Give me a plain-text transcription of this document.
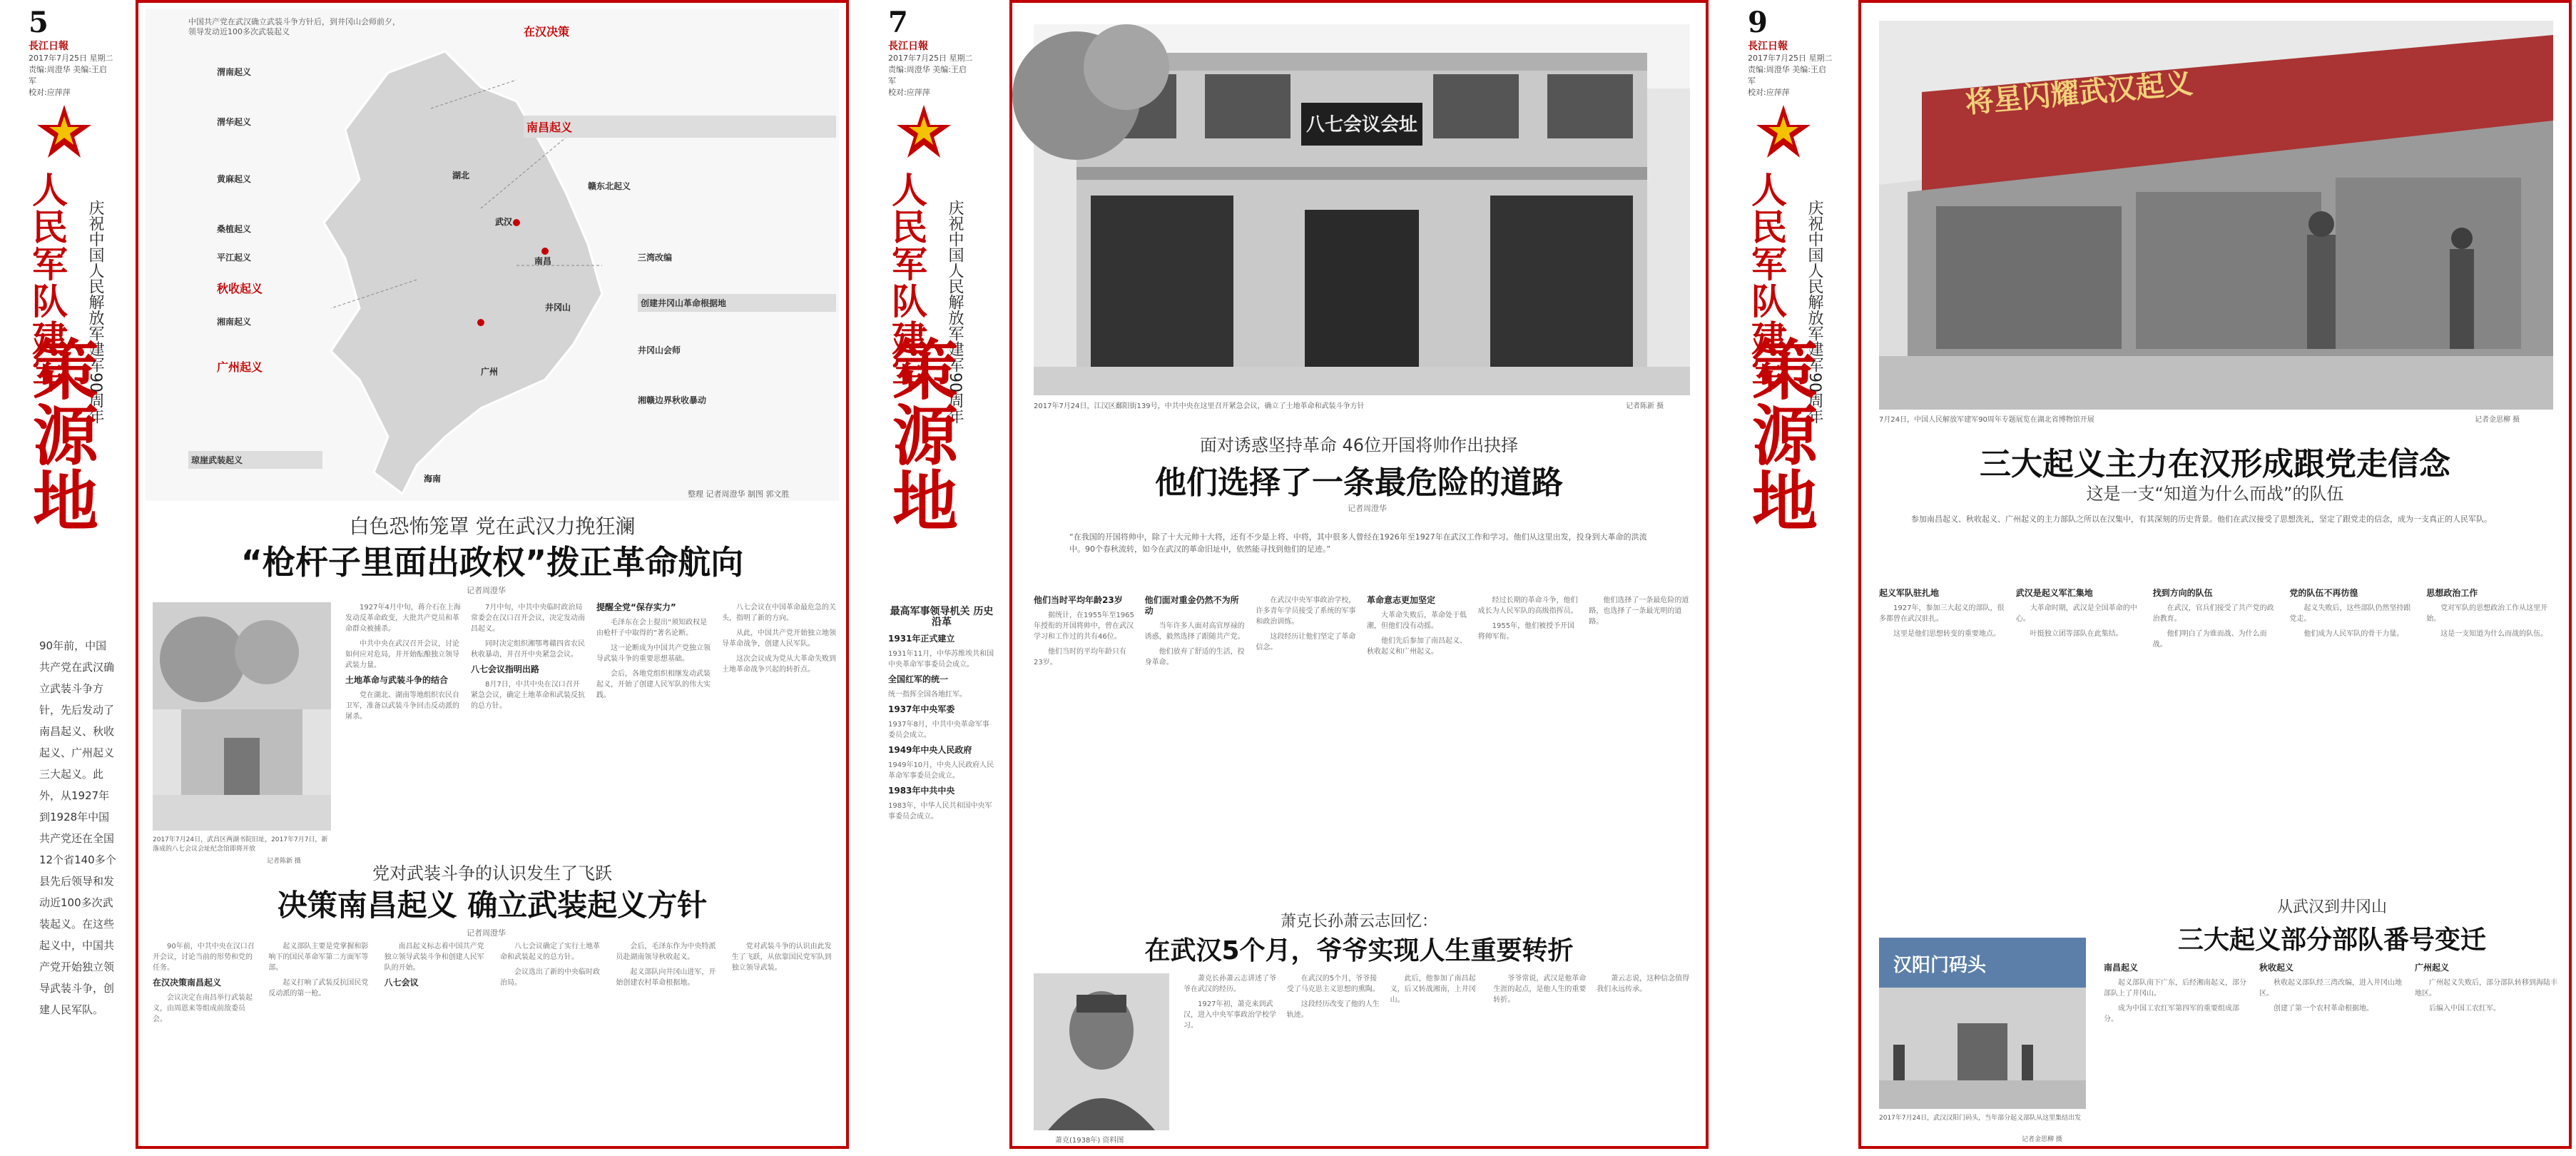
5
長江日報
2017年7月25日 星期二
责编:周澄华 美编:王启军
校对:应萍萍
人民军队建军 庆祝中国人民解放军建军90周年
策源地
90年前，中国共产党在武汉确立武装斗争方针，先后发动了南昌起义、秋收起义、广州起义三大起义。此外，从1927年到1928年中国共产党还在全国12个省140多个县先后领导和发动近100多次武装起义。在这些起义中，中国共产党开始独立领导武装斗争，创建人民军队。
中国共产党在武汉确立武装斗争方针后，到井冈山会师前夕，领导发动近100多次武装起义
湖北
武汉
南昌
井冈山
广州
海南
渭南起义
渭华起义
黄麻起义
桑植起义
平江起义
秋收起义
湘南起义
广州起义
琼崖武装起义
在汉决策
南昌起义
赣东北起义
三湾改编
创建井冈山革命根据地
井冈山会师
湘赣边界秋收暴动
整理 记者周澄华 制图 郭文胜
白色恐怖笼罩 党在武汉力挽狂澜
“枪杆子里面出政权”拨正革命航向
记者周澄华
2017年7月24日，武昌区两湖书院旧址，2017年7月7日，新落成的八七会议会址纪念馆即将开放
记者陈新 摄

1927年4月中旬，蒋介石在上海发动反革命政变，大批共产党员和革命群众被捕杀。

中共中央在武汉召开会议，讨论如何应对危局，并开始酝酿独立领导武装力量。

土地革命与武装斗争的结合

党在湖北、湖南等地组织农民自卫军，准备以武装斗争回击反动派的屠杀。

7月中旬，中共中央临时政治局常委会在汉口召开会议，决定发动南昌起义。

同时决定组织湘鄂粤赣四省农民秋收暴动，并召开中央紧急会议。

八七会议指明出路

8月7日，中共中央在汉口召开紧急会议，确定土地革命和武装反抗的总方针。

提醒全党“保存实力”

毛泽东在会上提出“须知政权是由枪杆子中取得的”著名论断。

这一论断成为中国共产党独立领导武装斗争的重要思想基础。

会后，各地党组织相继发动武装起义，开始了创建人民军队的伟大实践。

八七会议在中国革命最危急的关头，指明了新的方向。

从此，中国共产党开始独立地领导革命战争，创建人民军队。

这次会议成为党从大革命失败到土地革命战争兴起的转折点。

党对武装斗争的认识发生了飞跃
决策南昌起义 确立武装起义方针
记者周澄华

90年前，中共中央在汉口召开会议，讨论当前的形势和党的任务。

在汉决策南昌起义

会议决定在南昌举行武装起义，由周恩来等组成前敌委员会。

起义部队主要是党掌握和影响下的国民革命军第二方面军等部。

起义打响了武装反抗国民党反动派的第一枪。

南昌起义标志着中国共产党独立领导武装斗争和创建人民军队的开始。

八七会议

八七会议确定了实行土地革命和武装起义的总方针。

会议选出了新的中央临时政治局。

会后，毛泽东作为中央特派员赴湖南领导秋收起义。

起义部队向井冈山进军，开始创建农村革命根据地。

党对武装斗争的认识由此发生了飞跃，从依靠国民党军队到独立领导武装。

7
長江日報
2017年7月25日 星期二
责编:周澄华 美编:王启军
校对:应萍萍
人民军队建军 庆祝中国人民解放军建军90周年
策源地
八七会议会址
2017年7月24日，江汉区鄱阳街139号，中共中央在这里召开紧急会议，确立了土地革命和武装斗争方针	记者陈新 摄
面对诱惑坚持革命 46位开国将帅作出抉择
他们选择了一条最危险的道路
记者周澄华
“在我国的开国将帅中，除了十大元帅十大将，还有不少是上将、中将，其中很多人曾经在1926年至1927年在武汉工作和学习。他们从这里出发，投身到大革命的洪流中。90个春秋流转，如今在武汉的革命旧址中，依然能寻找到他们的足迹。”

他们当时平均年龄23岁

据统计，在1955年至1965年授衔的开国将帅中，曾在武汉学习和工作过的共有46位。

他们当时的平均年龄只有23岁。

他们面对重金仍然不为所动

当年许多人面对高官厚禄的诱惑，毅然选择了跟随共产党。

他们放弃了舒适的生活，投身革命。

在武汉中央军事政治学校，许多青年学员接受了系统的军事和政治训练。

这段经历让他们坚定了革命信念。

革命意志更加坚定

大革命失败后，革命处于低潮，但他们没有动摇。

他们先后参加了南昌起义、秋收起义和广州起义。

经过长期的革命斗争，他们成长为人民军队的高级指挥员。

1955年，他们被授予开国将帅军衔。

他们选择了一条最危险的道路，也选择了一条最光明的道路。

萧克长孙萧云志回忆：
在武汉5个月，爷爷实现人生重要转折
萧克(1938年) 资料图

萧克长孙萧云志讲述了爷爷在武汉的经历。

1927年初，萧克来到武汉，进入中央军事政治学校学习。

在武汉的5个月，爷爷接受了马克思主义思想的熏陶。

这段经历改变了他的人生轨迹。

此后，他参加了南昌起义，后又转战湘南，上井冈山。

爷爷常说，武汉是他革命生涯的起点，是他人生的重要转折。

萧云志说，这种信念值得我们永远传承。

最高军事领导机关 历史沿革
1931年正式建立

1931年11月，中华苏维埃共和国中央革命军事委员会成立。

全国红军的统一

统一指挥全国各地红军。

1937年中央军委

1937年8月，中共中央革命军事委员会成立。

1949年中央人民政府

1949年10月，中央人民政府人民革命军事委员会成立。

1983年中共中央

1983年，中华人民共和国中央军事委员会成立。

9
長江日報
2017年7月25日 星期二
责编:周澄华 美编:王启军
校对:应萍萍
人民军队建军 庆祝中国人民解放军建军90周年
策源地
将星闪耀武汉起义
7月24日，中国人民解放军建军90周年专题展览在湖北省博物馆开展	记者金思柳 摄
三大起义主力在汉形成跟党走信念
这是一支“知道为什么而战”的队伍
参加南昌起义、秋收起义、广州起义的主力部队之所以在汉集中，有其深刻的历史背景。他们在武汉接受了思想洗礼，坚定了跟党走的信念，成为一支真正的人民军队。

起义军队驻扎地

1927年，参加三大起义的部队，很多都曾在武汉驻扎。

这里是他们思想转变的重要地点。

武汉是起义军汇集地

大革命时期，武汉是全国革命的中心。

叶挺独立团等部队在此集结。

找到方向的队伍

在武汉，官兵们接受了共产党的政治教育。

他们明白了为谁而战、为什么而战。

党的队伍不再彷徨

起义失败后，这些部队仍然坚持跟党走。

他们成为人民军队的骨干力量。

思想政治工作

党对军队的思想政治工作从这里开始。

这是一支知道为什么而战的队伍。

汉阳门码头
2017年7月24日，武汉汉阳门码头，当年部分起义部队从这里集结出发
记者金思柳 摄
从武汉到井冈山
三大起义部分部队番号变迁

南昌起义

起义部队南下广东，后经湘南起义，部分部队上了井冈山。

成为中国工农红军第四军的重要组成部分。

秋收起义

秋收起义部队经三湾改编，进入井冈山地区。

创建了第一个农村革命根据地。

广州起义

广州起义失败后，部分部队转移到海陆丰地区。

后编入中国工农红军。
